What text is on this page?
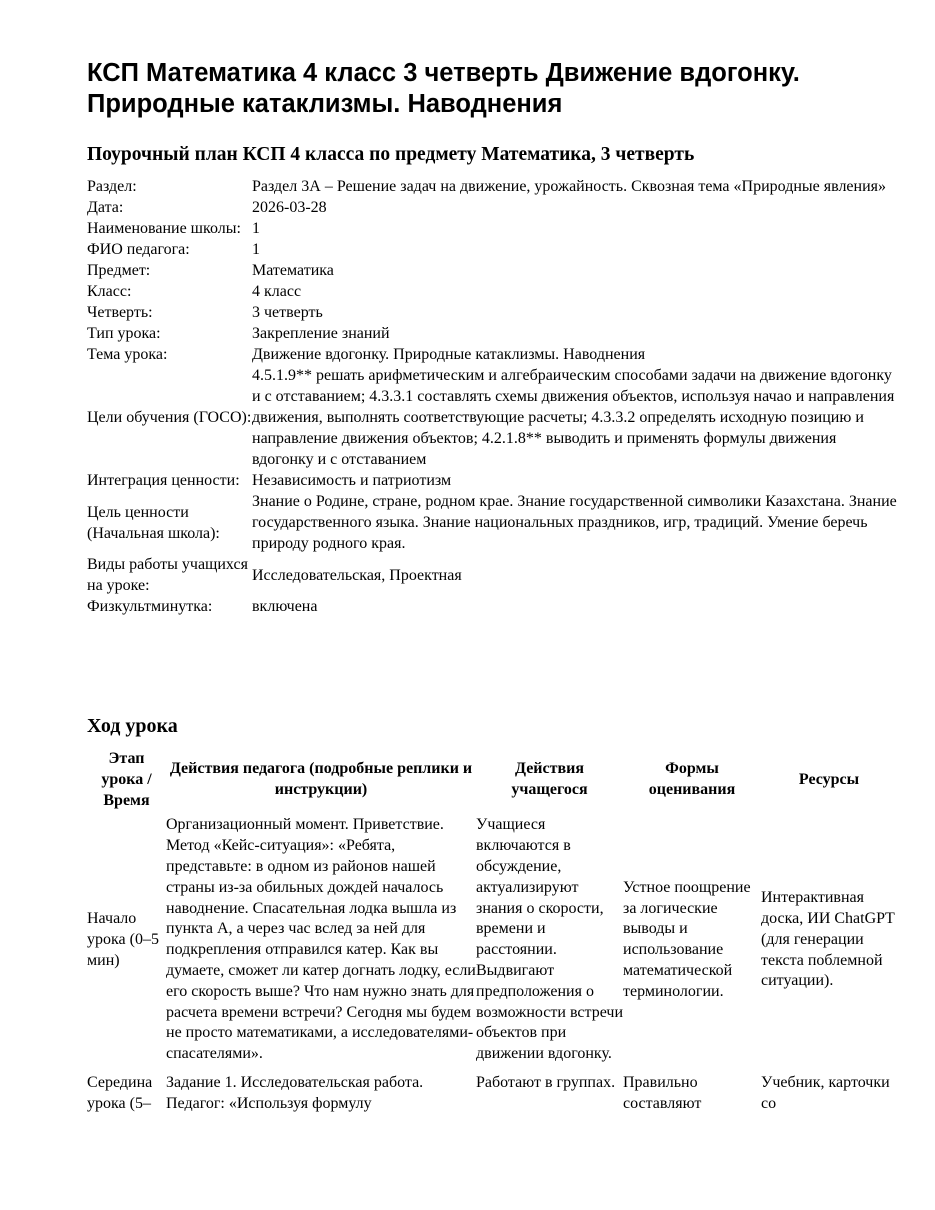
КСП Математика 4 класс 3 четверть Движение вдогонку. Природные катаклизмы. Наводнения
Поурочный план КСП 4 класса по предмету Математика, 3 четверть
Раздел:	Раздел 3А – Решение задач на движение, урожайность. Сквозная тема «Природные явления»
Дата:	2026-03-28
Наименование школы:	1
ФИО педагога:	1
Предмет:	Математика
Класс:	4 класс
Четверть:	3 четверть
Тип урока:	Закрепление знаний
Тема урока:	Движение вдогонку. Природные катаклизмы. Наводнения
Цели обучения (ГОСО):	4.5.1.9** решать арифметическим и алгебраическим способами задачи на движение вдогонку и с отставанием; 4.3.3.1 составлять схемы движения объектов, используя начао и направления движения, выполнять соответствующие расчеты; 4.3.3.2 определять исходную позицию и направление движения объектов; 4.2.1.8** выводить и применять формулы движения вдогонку и с отставанием
Интеграция ценности:	Независимость и патриотизм
Цель ценности (Начальная школа):	Знание о Родине, стране, родном крае. Знание государственной символики Казахстана. Знание государственного языка. Знание национальных праздников, игр, традиций. Умение беречь природу родного края.
Виды работы учащихся на уроке:	Исследовательская, Проектная
Физкультминутка:	включена
Ход урока
Этап урока / Время	Действия педагога (подробные реплики и инструкции)	Действия учащегося	Формы оценивания	Ресурсы
Начало урока (0–5 мин)	Организационный момент. Приветствие. Метод «Кейс-ситуация»: «Ребята, представьте: в одном из районов нашей страны из-за обильных дождей началось наводнение. Спасательная лодка вышла из пункта А, а через час вслед за ней для подкрепления отправился катер. Как вы думаете, сможет ли катер догнать лодку, если его скорость выше? Что нам нужно знать для расчета времени встречи? Сегодня мы будем не просто математиками, а исследователями-спасателями».	Учащиеся включаются в обсуждение, актуализируют знания о скорости, времени и расстоянии. Выдвигают предположения о возможности встречи объектов при движении вдогонку.	Устное поощрение за логические выводы и использование математической терминологии.	Интерактивная доска, ИИ ChatGPT (для генерации текста поблемной ситуации).
Середина урока (5–	Задание 1. Исследовательская работа. Педагог: «Используя формулу	Работают в группах.	Правильно составляют	Учебник, карточки со
